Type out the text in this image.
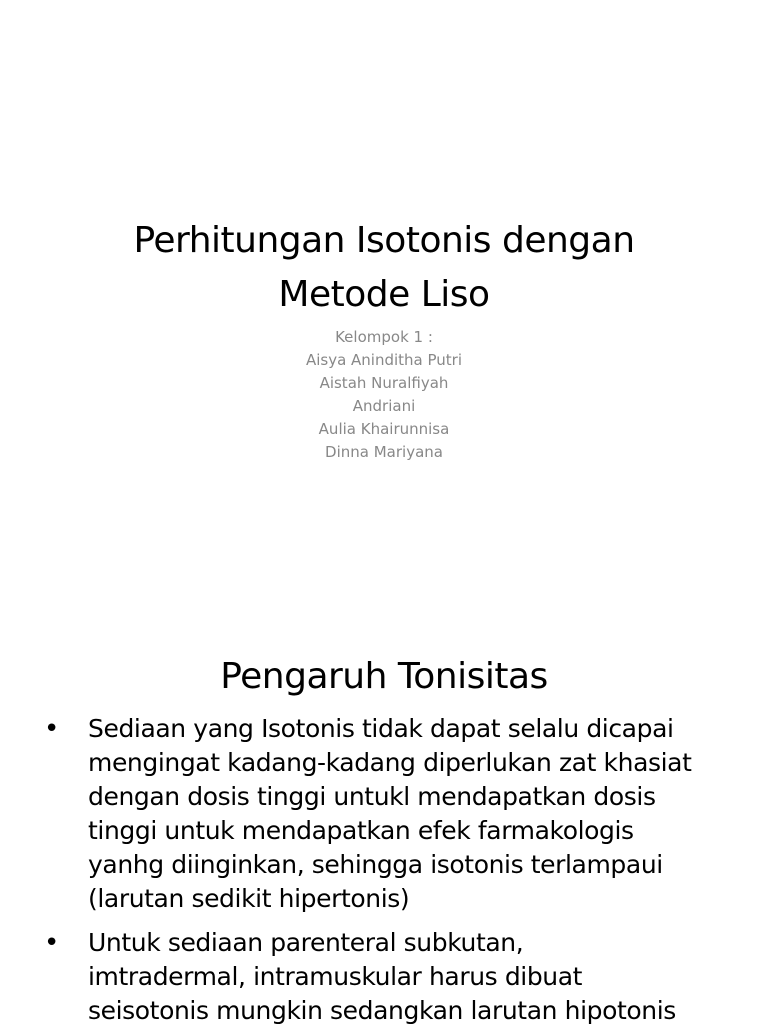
Perhitungan Isotonis dengan
Metode Liso
Kelompok 1 :
Aisya Aninditha Putri
Aistah Nuralfiyah
Andriani
Aulia Khairunnisa
Dinna Mariyana
Pengaruh Tonisitas
• Sediaan yang Isotonis tidak dapat selalu dicapai
mengingat kadang-kadang diperlukan zat khasiat
dengan dosis tinggi untukl mendapatkan dosis
tinggi untuk mendapatkan efek farmakologis
yanhg diinginkan, sehingga isotonis terlampaui
(larutan sedikit hipertonis)
• Untuk sediaan parenteral subkutan,
imtradermal, intramuskular harus dibuat
seisotonis mungkin sedangkan larutan hipotonis
